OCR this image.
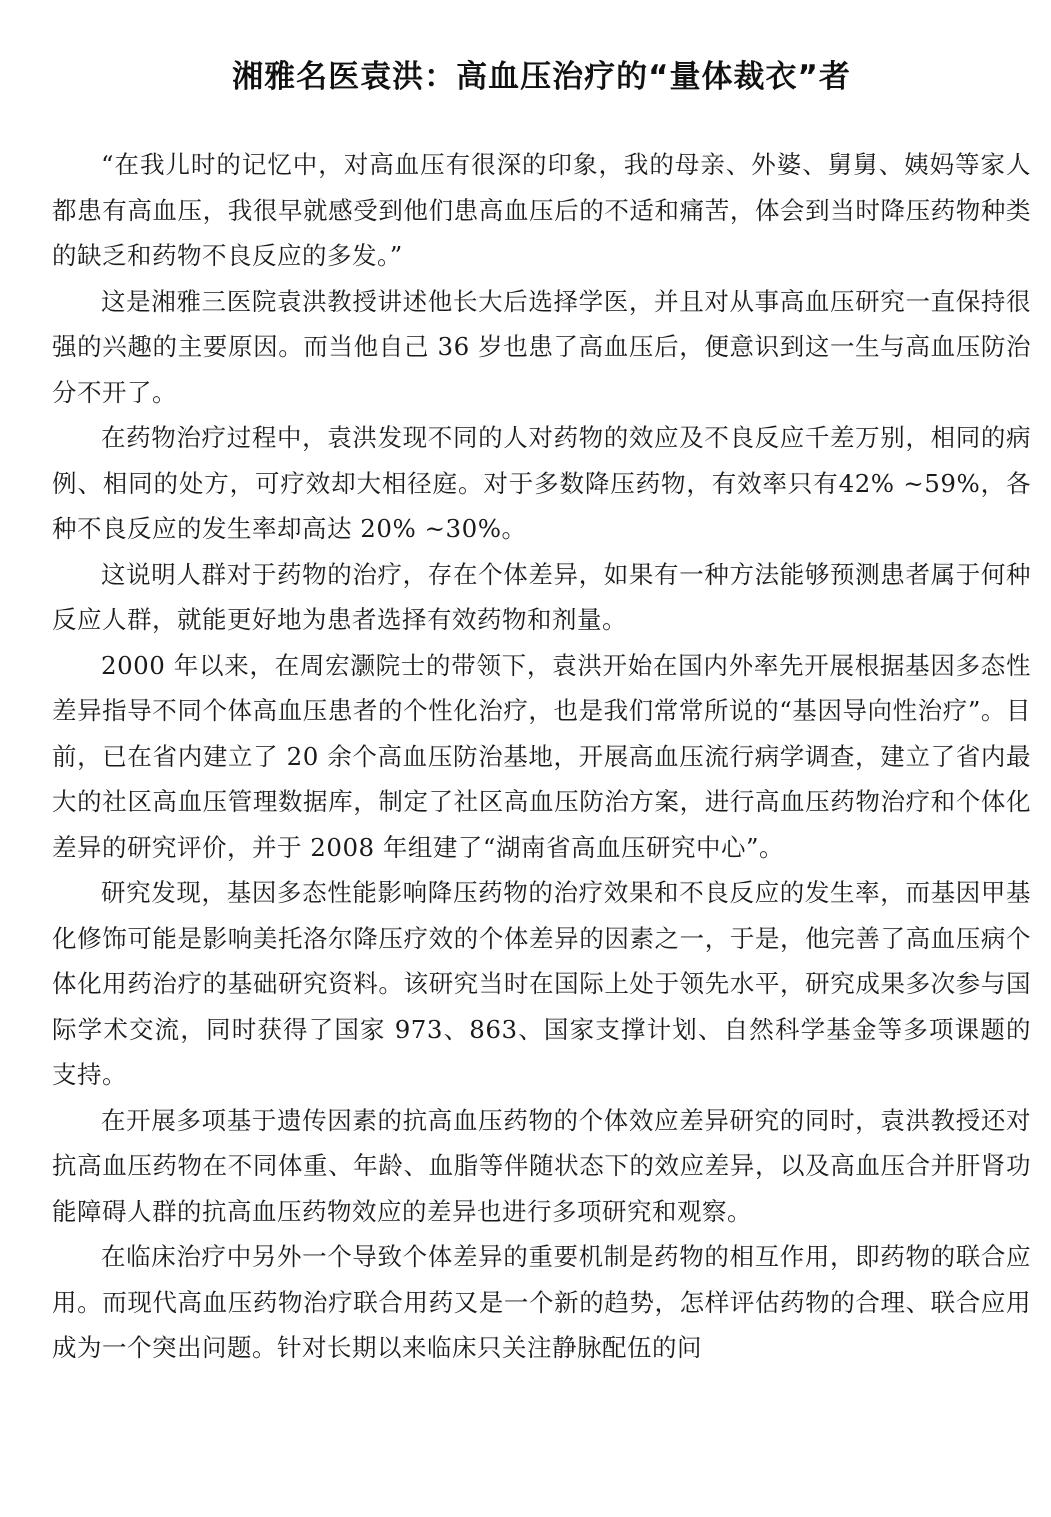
湘雅名医袁洪：高血压治疗的“量体裁衣”者

“在我儿时的记忆中，对高血压有很深的印象，我的母亲、外婆、舅舅、姨妈等家人都患有高血压，我很早就感受到他们患高血压后的不适和痛苦，体会到当时降压药物种类的缺乏和药物不良反应的多发。”

这是湘雅三医院袁洪教授讲述他长大后选择学医，并且对从事高血压研究一直保持很强的兴趣的主要原因。而当他自己 36 岁也患了高血压后，便意识到这一生与高血压防治分不开了。

在药物治疗过程中，袁洪发现不同的人对药物的效应及不良反应千差万别，相同的病例、相同的处方，可疗效却大相径庭。对于多数降压药物，有效率只有42% ~59%，各种不良反应的发生率却高达 20% ~30%。

这说明人群对于药物的治疗，存在个体差异，如果有一种方法能够预测患者属于何种反应人群，就能更好地为患者选择有效药物和剂量。

2000 年以来，在周宏灏院士的带领下，袁洪开始在国内外率先开展根据基因多态性差异指导不同个体高血压患者的个性化治疗，也是我们常常所说的“基因导向性治疗”。目前，已在省内建立了 20 余个高血压防治基地，开展高血压流行病学调查，建立了省内最大的社区高血压管理数据库，制定了社区高血压防治方案，进行高血压药物治疗和个体化差异的研究评价，并于 2008 年组建了“湖南省高血压研究中心”。

研究发现，基因多态性能影响降压药物的治疗效果和不良反应的发生率，而基因甲基化修饰可能是影响美托洛尔降压疗效的个体差异的因素之一，于是，他完善了高血压病个体化用药治疗的基础研究资料。该研究当时在国际上处于领先水平，研究成果多次参与国际学术交流，同时获得了国家 973、863、国家支撑计划、自然科学基金等多项课题的支持。

在开展多项基于遗传因素的抗高血压药物的个体效应差异研究的同时，袁洪教授还对抗高血压药物在不同体重、年龄、血脂等伴随状态下的效应差异，以及高血压合并肝肾功能障碍人群的抗高血压药物效应的差异也进行多项研究和观察。

在临床治疗中另外一个导致个体差异的重要机制是药物的相互作用，即药物的联合应用。而现代高血压药物治疗联合用药又是一个新的趋势，怎样评估药物的合理、联合应用成为一个突出问题。针对长期以来临床只关注静脉配伍的问
